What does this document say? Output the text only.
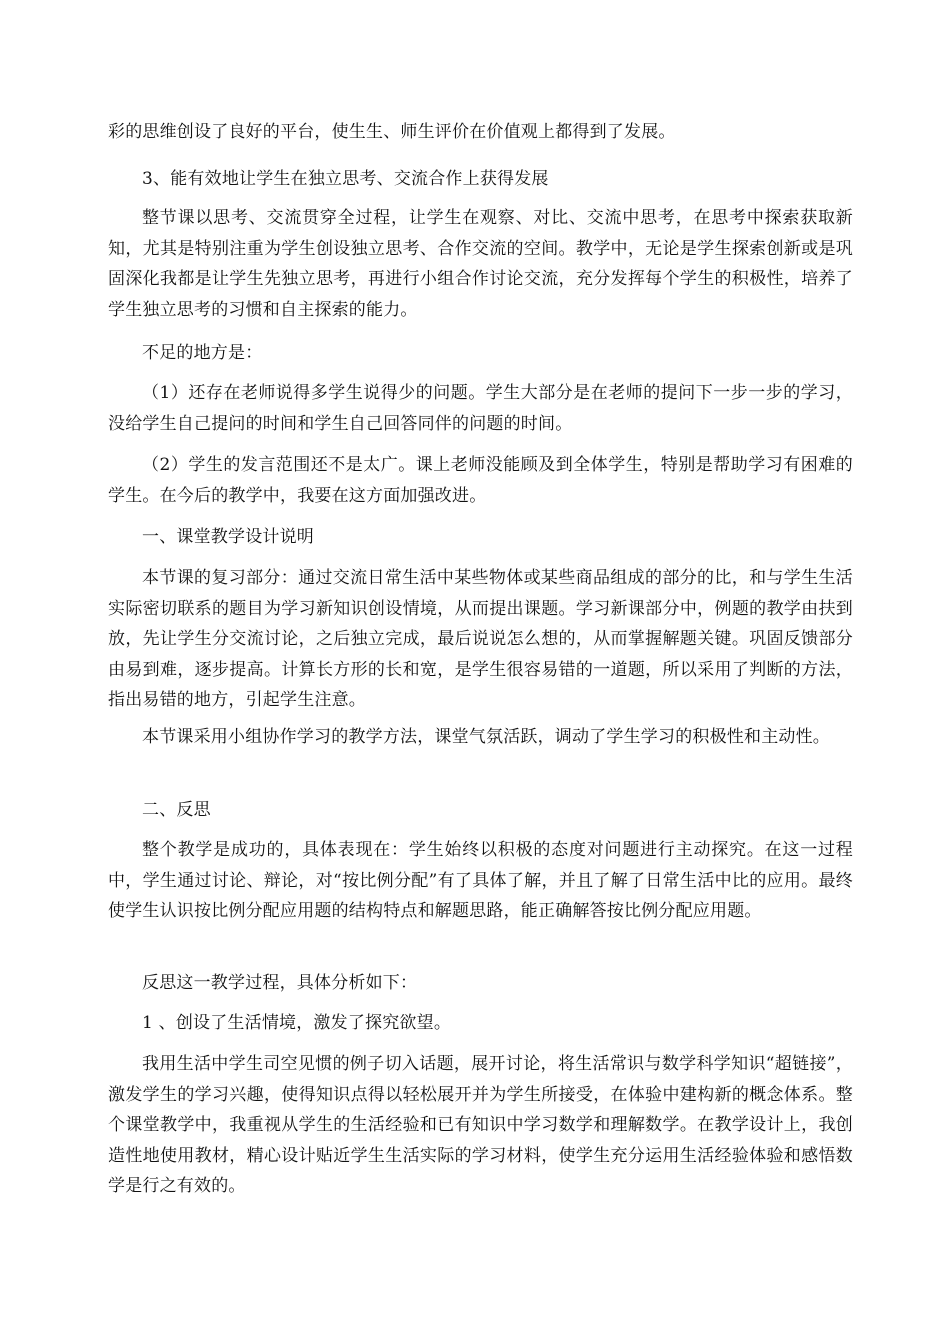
彩的思维创设了良好的平台，使生生、师生评价在价值观上都得到了发展。

3、能有效地让学生在独立思考、交流合作上获得发展

整节课以思考、交流贯穿全过程，让学生在观察、对比、交流中思考，在思考中探索获取新知，尤其是特别注重为学生创设独立思考、合作交流的空间。教学中，无论是学生探索创新或是巩固深化我都是让学生先独立思考，再进行小组合作讨论交流，充分发挥每个学生的积极性，培养了学生独立思考的习惯和自主探索的能力。

不足的地方是：

（1）还存在老师说得多学生说得少的问题。学生大部分是在老师的提问下一步一步的学习，没给学生自己提问的时间和学生自己回答同伴的问题的时间。

（2）学生的发言范围还不是太广。课上老师没能顾及到全体学生，特别是帮助学习有困难的学生。在今后的教学中，我要在这方面加强改进。

一、课堂教学设计说明

本节课的复习部分：通过交流日常生活中某些物体或某些商品组成的部分的比，和与学生生活实际密切联系的题目为学习新知识创设情境，从而提出课题。学习新课部分中，例题的教学由扶到放，先让学生分交流讨论，之后独立完成，最后说说怎么想的，从而掌握解题关键。巩固反馈部分由易到难，逐步提高。计算长方形的长和宽，是学生很容易错的一道题，所以采用了判断的方法，指出易错的地方，引起学生注意。

本节课采用小组协作学习的教学方法，课堂气氛活跃，调动了学生学习的积极性和主动性。

二、反思

整个教学是成功的，具体表现在：学生始终以积极的态度对问题进行主动探究。在这一过程中，学生通过讨论、辩论，对“按比例分配”有了具体了解，并且了解了日常生活中比的应用。最终使学生认识按比例分配应用题的结构特点和解题思路，能正确解答按比例分配应用题。

反思这一教学过程，具体分析如下：

1 、创设了生活情境，激发了探究欲望。

我用生活中学生司空见惯的例子切入话题，展开讨论，将生活常识与数学科学知识“超链接”，激发学生的学习兴趣，使得知识点得以轻松展开并为学生所接受，在体验中建构新的概念体系。整个课堂教学中，我重视从学生的生活经验和已有知识中学习数学和理解数学。在教学设计上，我创造性地使用教材，精心设计贴近学生生活实际的学习材料，使学生充分运用生活经验体验和感悟数学是行之有效的。
